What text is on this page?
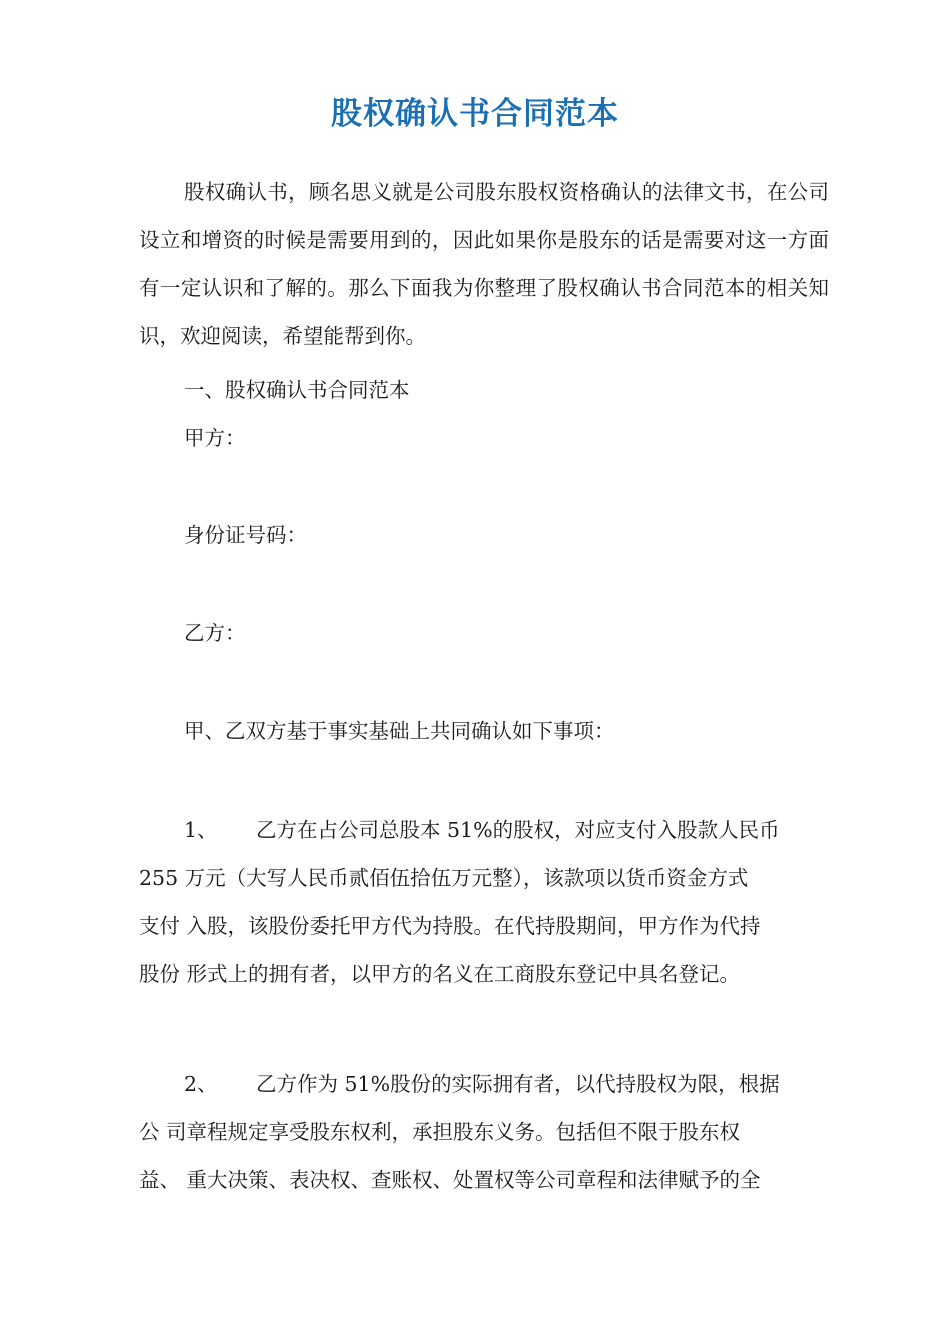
股权确认书合同范本
股权确认书，顾名思义就是公司股东股权资格确认的法律文书，在公司设立和增资的时候是需要用到的，因此如果你是股东的话是需要对这一方面有一定认识和了解的。那么下面我为你整理了股权确认书合同范本的相关知识，欢迎阅读，希望能帮到你。
一、股权确认书合同范本
甲方：
身份证号码：
乙方：
甲、乙双方基于事实基础上共同确认如下事项：
1、 乙方在占公司总股本 51%的股权，对应支付入股款人民币
255 万元（大写人民币贰佰伍拾伍万元整），该款项以货币资金方式
支付 入股，该股份委托甲方代为持股。在代持股期间，甲方作为代持
股份 形式上的拥有者，以甲方的名义在工商股东登记中具名登记。
2、 乙方作为 51%股份的实际拥有者，以代持股权为限，根据
公 司章程规定享受股东权利，承担股东义务。包括但不限于股东权
益、 重大决策、表决权、查账权、处置权等公司章程和法律赋予的全
